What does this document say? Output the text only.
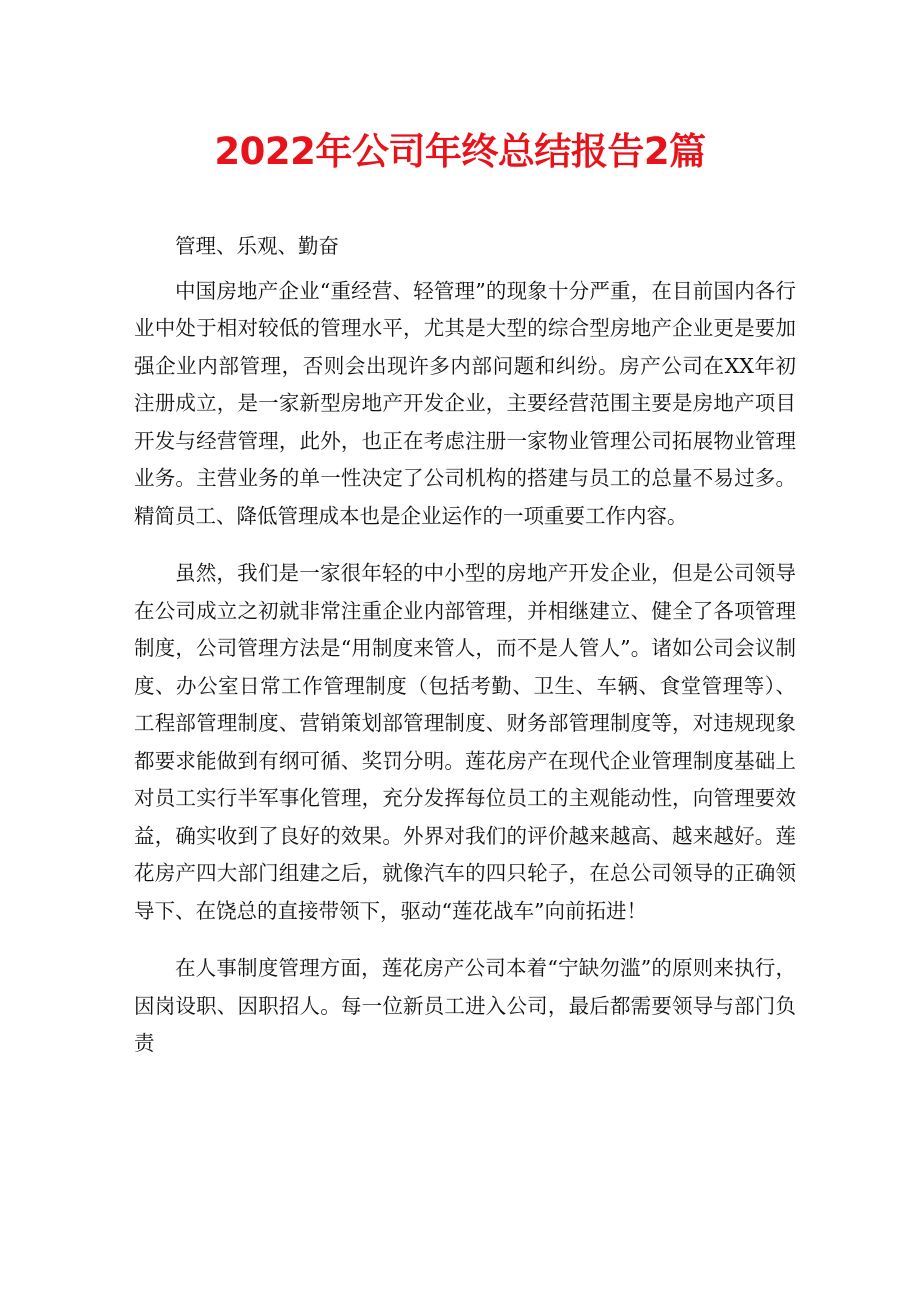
2022年公司年终总结报告2篇

管理、乐观、勤奋

中国房地产企业“重经营、轻管理”的现象十分严重，在目前国内各行业中处于相对较低的管理水平，尤其是大型的综合型房地产企业更是要加强企业内部管理，否则会出现许多内部问题和纠纷。房产公司在XX年初注册成立，是一家新型房地产开发企业，主要经营范围主要是房地产项目开发与经营管理，此外，也正在考虑注册一家物业管理公司拓展物业管理业务。主营业务的单一性决定了公司机构的搭建与员工的总量不易过多。精简员工、降低管理成本也是企业运作的一项重要工作内容。

虽然，我们是一家很年轻的中小型的房地产开发企业，但是公司领导在公司成立之初就非常注重企业内部管理，并相继建立、健全了各项管理制度，公司管理方法是“用制度来管人，而不是人管人”。诸如公司会议制度、办公室日常工作管理制度（包括考勤、卫生、车辆、食堂管理等）、工程部管理制度、营销策划部管理制度、财务部管理制度等，对违规现象都要求能做到有纲可循、奖罚分明。莲花房产在现代企业管理制度基础上对员工实行半军事化管理，充分发挥每位员工的主观能动性，向管理要效益，确实收到了良好的效果。外界对我们的评价越来越高、越来越好。莲花房产四大部门组建之后，就像汽车的四只轮子，在总公司领导的正确领导下、在饶总的直接带领下，驱动“莲花战车”向前拓进！

在人事制度管理方面，莲花房产公司本着“宁缺勿滥”的原则来执行，因岗设职、因职招人。每一位新员工进入公司，最后都需要领导与部门负责
